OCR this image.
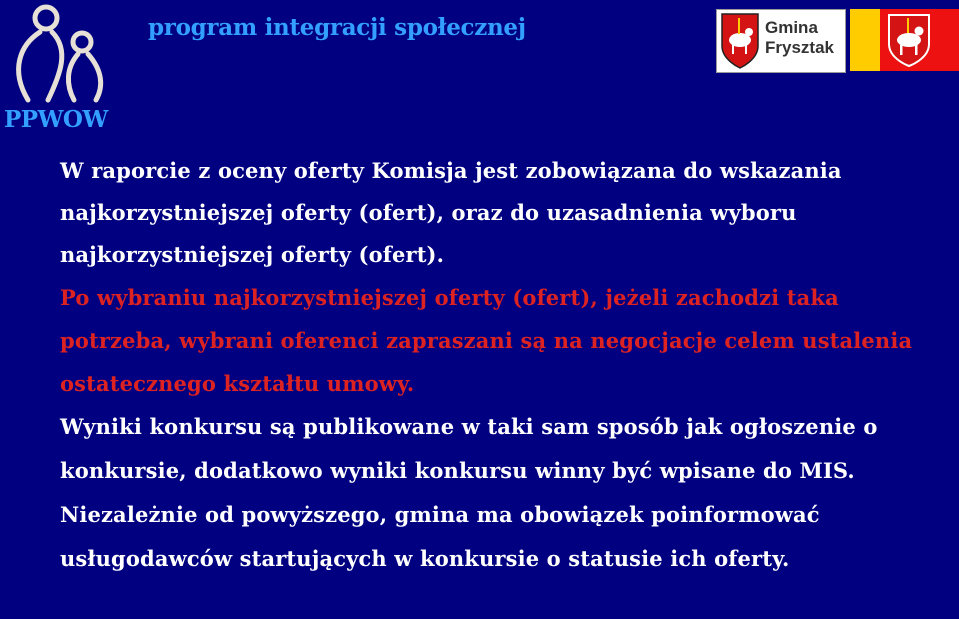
PPWOW
program integracji społecznej	Gmina
Frysztak

W raporcie z oceny oferty Komisja jest zobowiązana do wskazania najkorzystniejszej oferty (ofert), oraz do uzasadnienia wyboru najkorzystniejszej oferty (ofert).

Po wybraniu najkorzystniejszej oferty (ofert), jeżeli zachodzi taka potrzeba, wybrani oferenci zapraszani są na negocjacje celem ustalenia ostatecznego kształtu umowy.

Wyniki konkursu są publikowane w taki sam sposób jak ogłoszenie o konkursie, dodatkowo wyniki konkursu winny być wpisane do MIS. Niezależnie od powyższego, gmina ma obowiązek poinformować usługodawców startujących w konkursie o statusie ich oferty.
